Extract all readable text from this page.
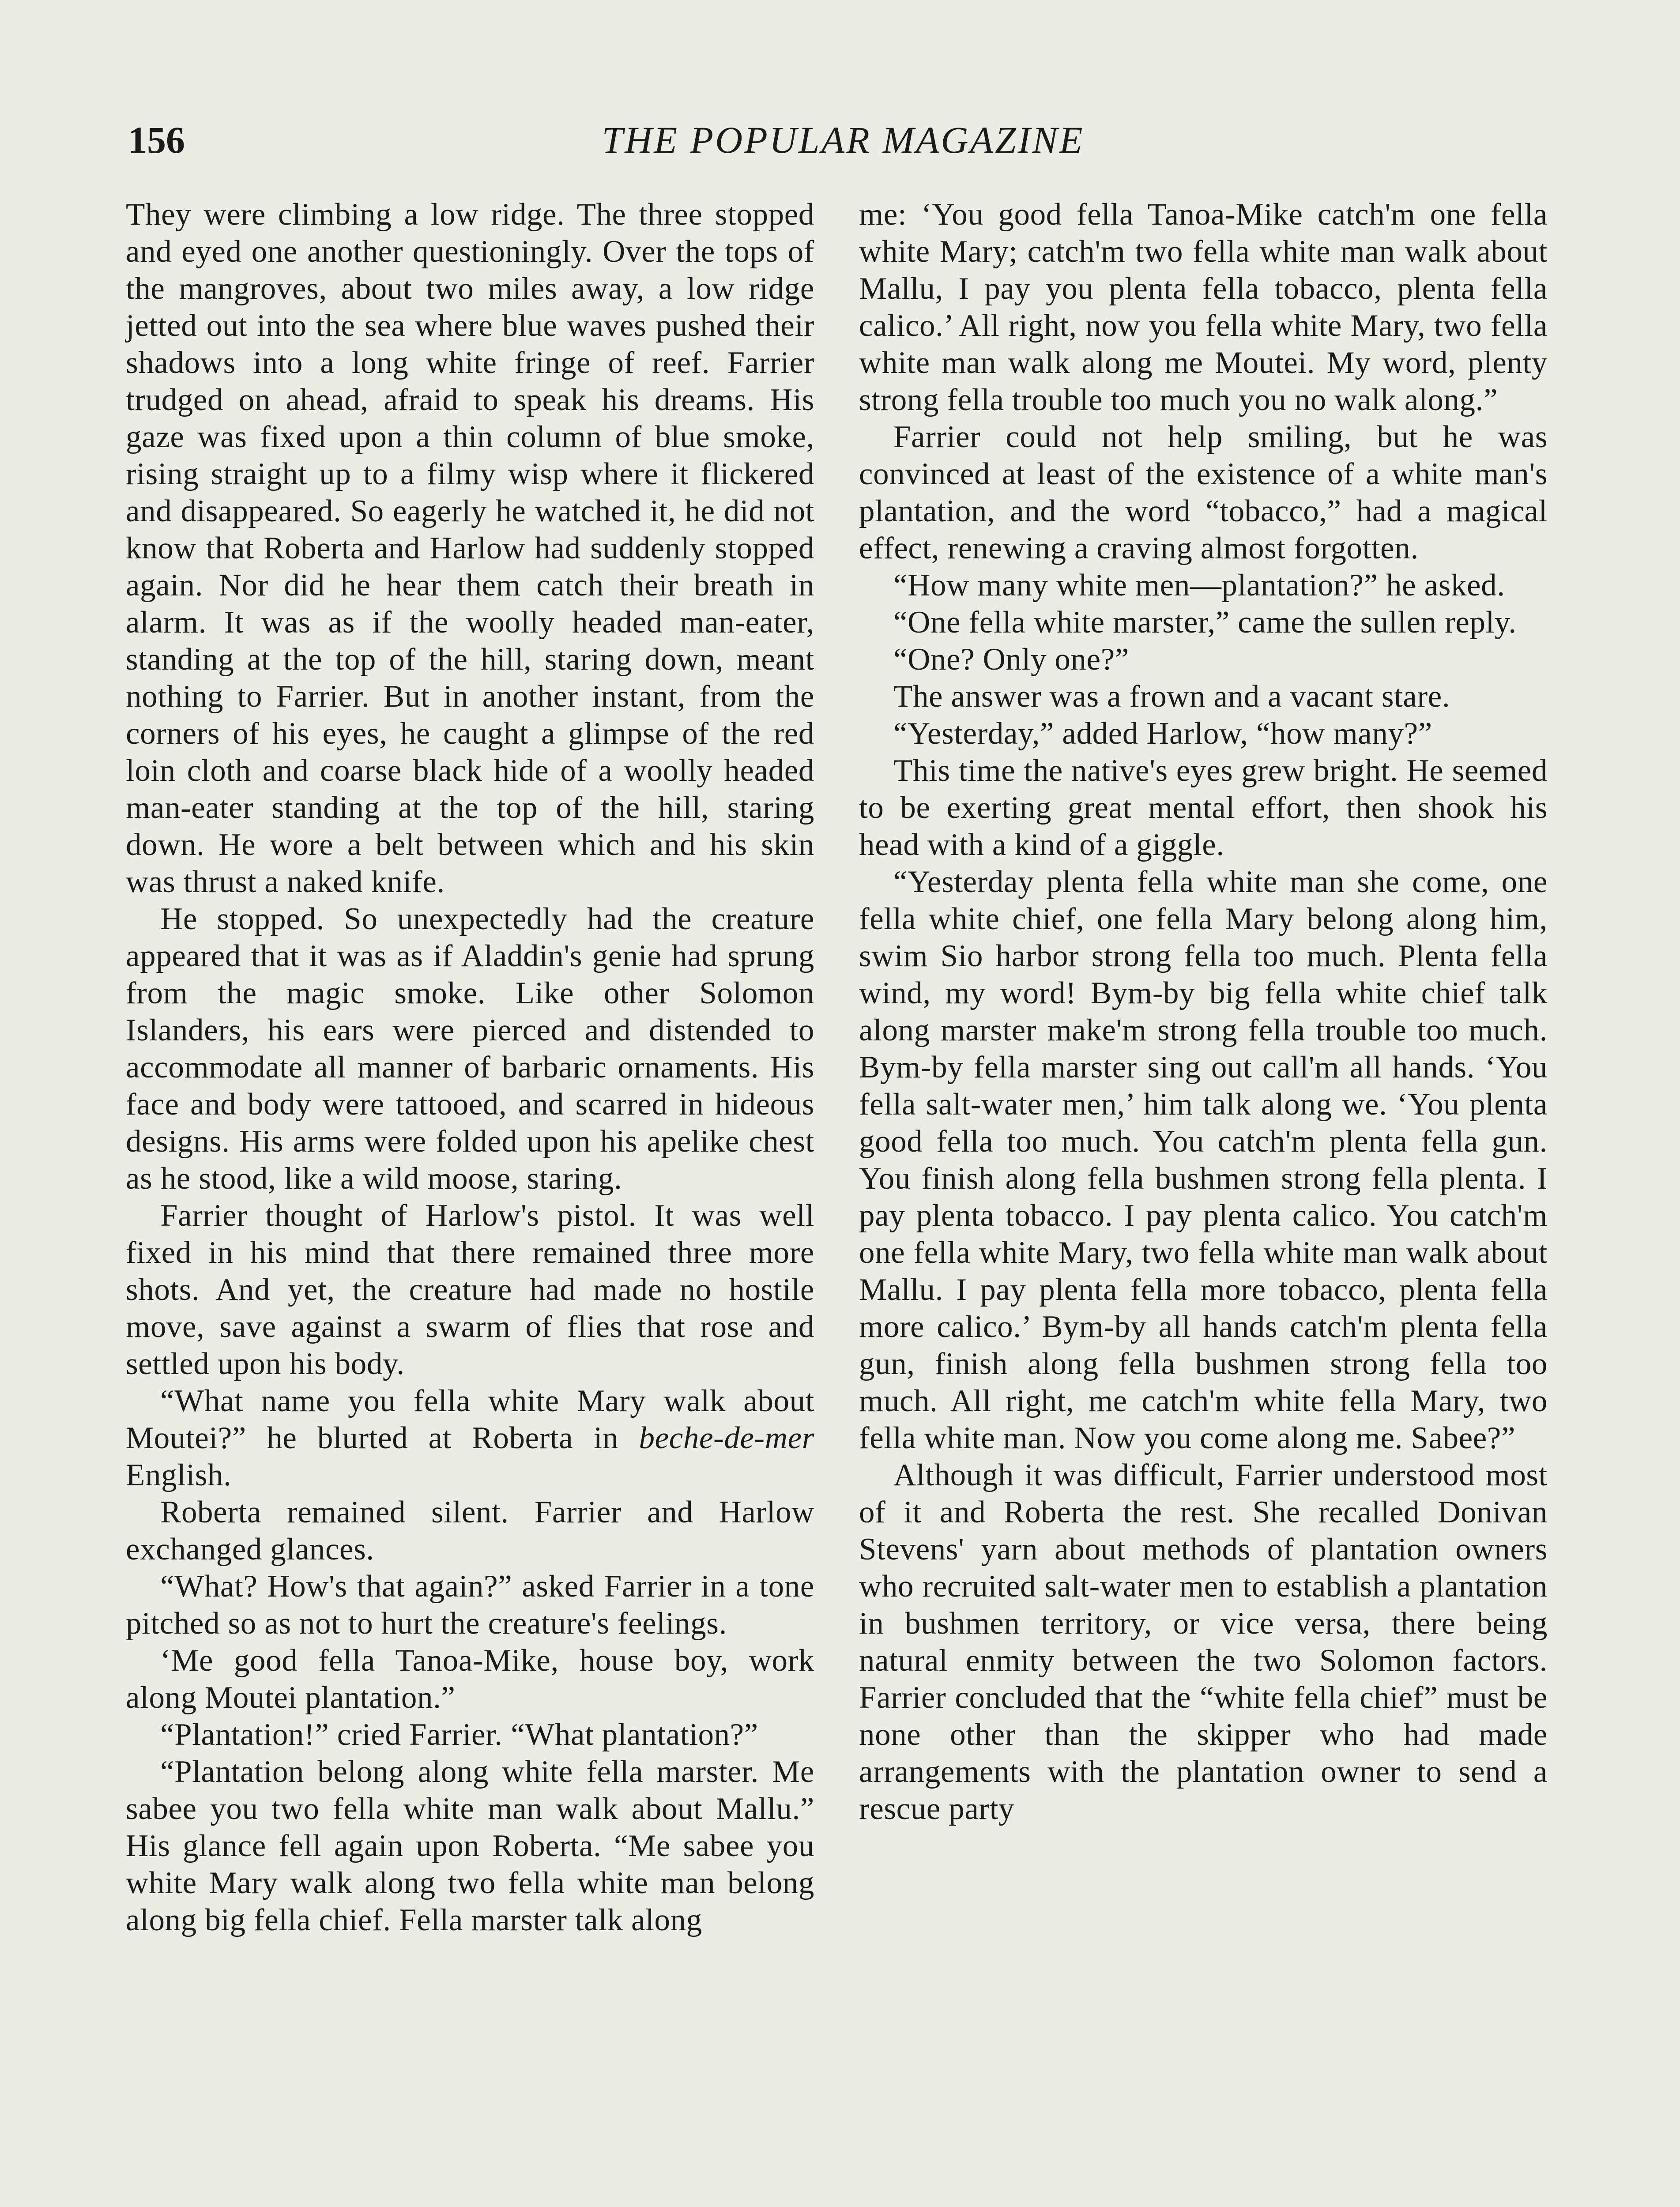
156	THE POPULAR MAGAZINE

They were climbing a low ridge. The three stopped and eyed one another questioningly. Over the tops of the mangroves, about two miles away, a low ridge jetted out into the sea where blue waves pushed their shadows into a long white fringe of reef. Farrier trudged on ahead, afraid to speak his dreams. His gaze was fixed upon a thin column of blue smoke, rising straight up to a filmy wisp where it flickered and disappeared. So eagerly he watched it, he did not know that Roberta and Harlow had suddenly stopped again. Nor did he hear them catch their breath in alarm. It was as if the woolly headed man-eater, standing at the top of the hill, staring down, meant nothing to Farrier. But in another instant, from the corners of his eyes, he caught a glimpse of the red loin cloth and coarse black hide of a woolly headed man-eater standing at the top of the hill, staring down. He wore a belt between which and his skin was thrust a naked knife.

He stopped. So unexpectedly had the creature appeared that it was as if Aladdin's genie had sprung from the magic smoke. Like other Solomon Islanders, his ears were pierced and distended to accommodate all manner of barbaric ornaments. His face and body were tattooed, and scarred in hideous designs. His arms were folded upon his apelike chest as he stood, like a wild moose, staring.

Farrier thought of Harlow's pistol. It was well fixed in his mind that there remained three more shots. And yet, the creature had made no hostile move, save against a swarm of flies that rose and settled upon his body.

“What name you fella white Mary walk about Moutei?” he blurted at Roberta in beche-de-mer English.

Roberta remained silent. Farrier and Harlow exchanged glances.

“What? How's that again?” asked Farrier in a tone pitched so as not to hurt the creature's feelings.

‘Me good fella Tanoa-Mike, house boy, work along Moutei plantation.”

“Plantation!” cried Farrier. “What plantation?”

“Plantation belong along white fella marster. Me sabee you two fella white man walk about Mallu.” His glance fell again upon Roberta. “Me sabee you white Mary walk along two fella white man belong along big fella chief. Fella marster talk along

me: ‘You good fella Tanoa-Mike catch'm one fella white Mary; catch'm two fella white man walk about Mallu, I pay you plenta fella tobacco, plenta fella calico.’ All right, now you fella white Mary, two fella white man walk along me Moutei. My word, plenty strong fella trouble too much you no walk along.”

Farrier could not help smiling, but he was convinced at least of the existence of a white man's plantation, and the word “tobacco,” had a magical effect, renewing a craving almost forgotten.

“How many white men—plantation?” he asked.

“One fella white marster,” came the sullen reply.

“One? Only one?”

The answer was a frown and a vacant stare.

“Yesterday,” added Harlow, “how many?”

This time the native's eyes grew bright. He seemed to be exerting great mental effort, then shook his head with a kind of a giggle.

“Yesterday plenta fella white man she come, one fella white chief, one fella Mary belong along him, swim Sio harbor strong fella too much. Plenta fella wind, my word! Bym-by big fella white chief talk along marster make'm strong fella trouble too much. Bym-by fella marster sing out call'm all hands. ‘You fella salt-water men,’ him talk along we. ‘You plenta good fella too much. You catch'm plenta fella gun. You finish along fella bushmen strong fella plenta. I pay plenta tobacco. I pay plenta calico. You catch'm one fella white Mary, two fella white man walk about Mallu. I pay plenta fella more tobacco, plenta fella more calico.’ Bym-by all hands catch'm plenta fella gun, finish along fella bushmen strong fella too much. All right, me catch'm white fella Mary, two fella white man. Now you come along me. Sabee?”

Although it was difficult, Farrier understood most of it and Roberta the rest. She recalled Donivan Stevens' yarn about methods of plantation owners who recruited salt-water men to establish a plantation in bushmen territory, or vice versa, there being natural enmity between the two Solomon factors. Farrier concluded that the “white fella chief” must be none other than the skipper who had made arrangements with the plantation owner to send a rescue party
